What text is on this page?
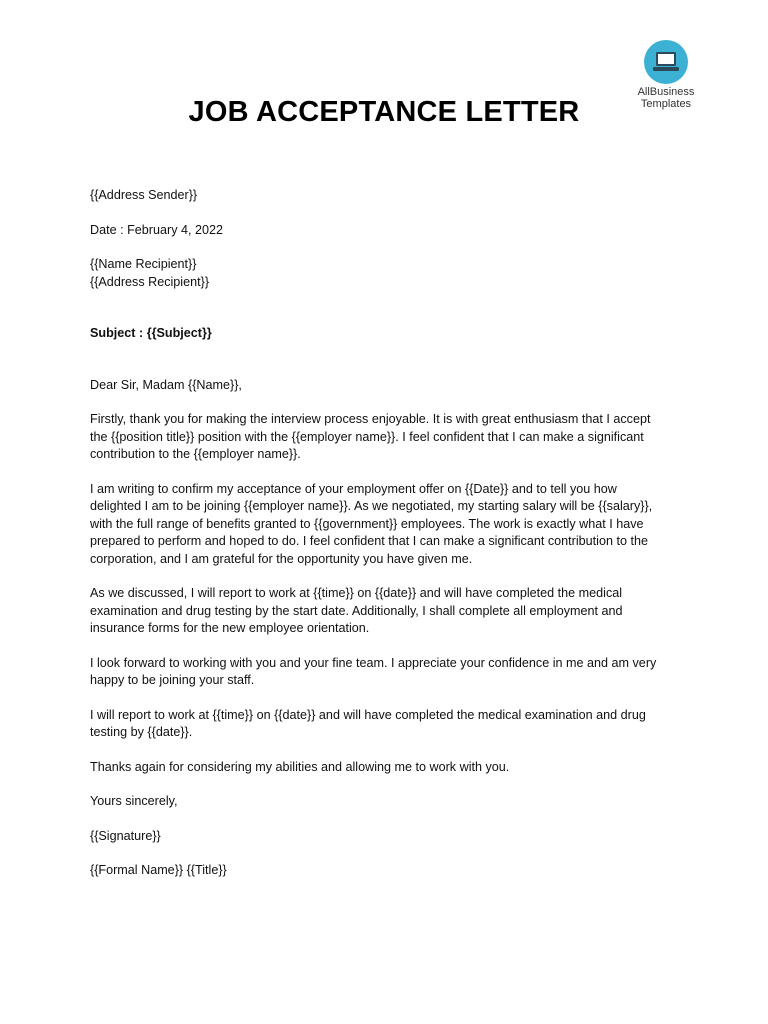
AllBusiness
Templates
JOB ACCEPTANCE LETTER

{{Address Sender}}

Date : February 4, 2022

{{Name Recipient}}
{{Address Recipient}}

Subject : {{Subject}}

Dear Sir, Madam {{Name}},

Firstly, thank you for making the interview process enjoyable. It is with great enthusiasm that I accept the {{position title}} position with the {{employer name}}. I feel confident that I can make a significant contribution to the {{employer name}}.

I am writing to confirm my acceptance of your employment offer on {{Date}} and to tell you how delighted I am to be joining {{employer name}}. As we negotiated, my starting salary will be {{salary}}, with the full range of benefits granted to {{government}} employees. The work is exactly what I have prepared to perform and hoped to do. I feel confident that I can make a significant contribution to the corporation, and I am grateful for the opportunity you have given me.

As we discussed, I will report to work at {{time}} on {{date}} and will have completed the medical examination and drug testing by the start date. Additionally, I shall complete all employment and insurance forms for the new employee orientation.

I look forward to working with you and your fine team. I appreciate your confidence in me and am very happy to be joining your staff.

I will report to work at {{time}} on {{date}} and will have completed the medical examination and drug testing by {{date}}.

Thanks again for considering my abilities and allowing me to work with you.

Yours sincerely,

{{Signature}}

{{Formal Name}} {{Title}}
